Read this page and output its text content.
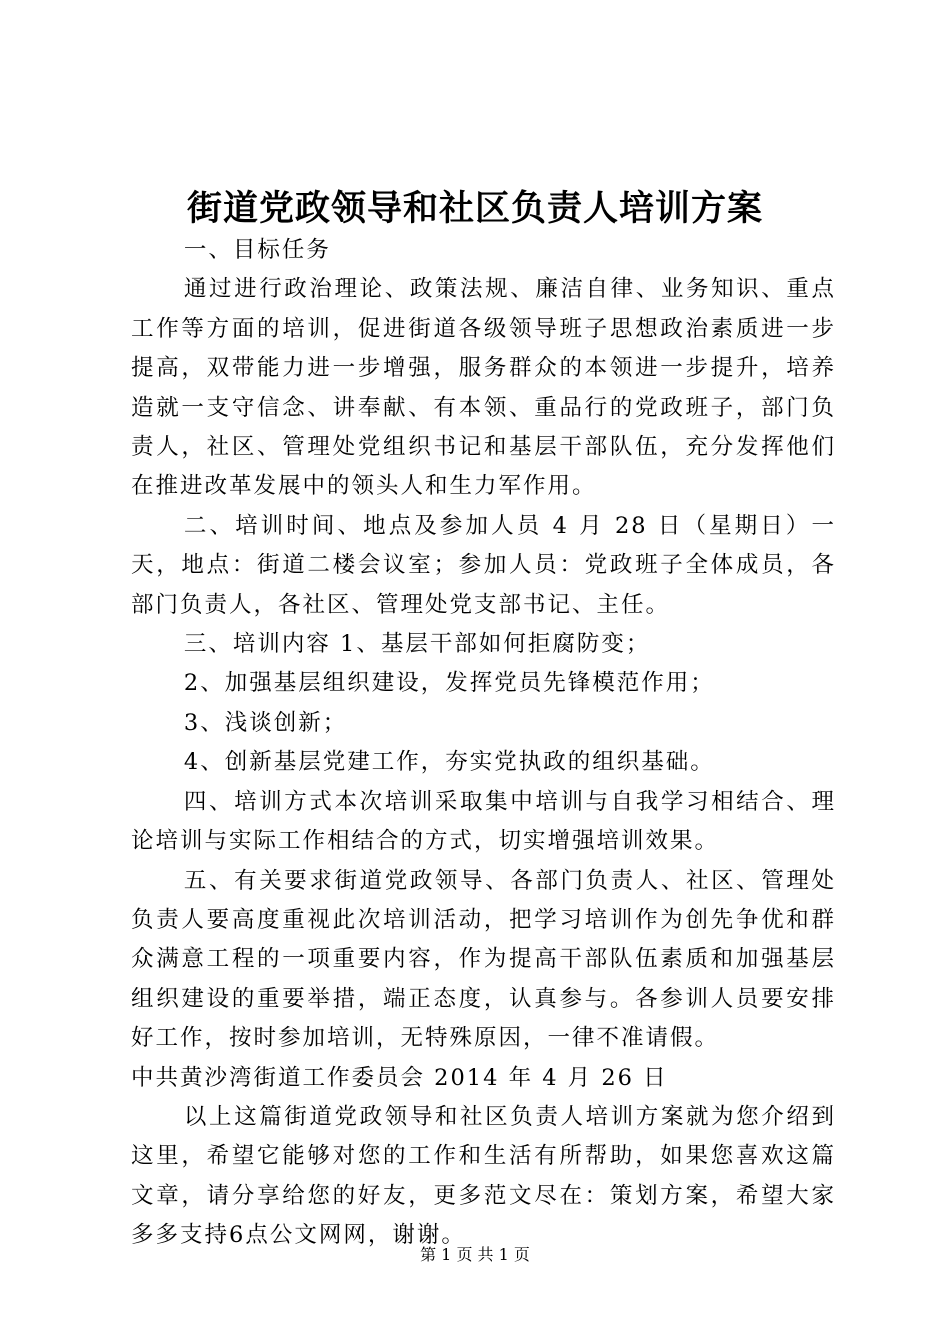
街道党政领导和社区负责人培训方案

一、目标任务

通过进行政治理论、政策法规、廉洁自律、业务知识、重点工作等方面的培训，促进街道各级领导班子思想政治素质进一步提高，双带能力进一步增强，服务群众的本领进一步提升，培养造就一支守信念、讲奉献、有本领、重品行的党政班子，部门负责人，社区、管理处党组织书记和基层干部队伍，充分发挥他们在推进改革发展中的领头人和生力军作用。

二、培训时间、地点及参加人员 4 月 28 日（星期日）一天，地点：街道二楼会议室；参加人员：党政班子全体成员，各部门负责人，各社区、管理处党支部书记、主任。

三、培训内容 1、基层干部如何拒腐防变；

2、加强基层组织建设，发挥党员先锋模范作用；

3、浅谈创新；

4、创新基层党建工作，夯实党执政的组织基础。

四、培训方式本次培训采取集中培训与自我学习相结合、理论培训与实际工作相结合的方式，切实增强培训效果。

五、有关要求街道党政领导、各部门负责人、社区、管理处负责人要高度重视此次培训活动，把学习培训作为创先争优和群众满意工程的一项重要内容，作为提高干部队伍素质和加强基层组织建设的重要举措，端正态度，认真参与。各参训人员要安排好工作，按时参加培训，无特殊原因，一律不准请假。

中共黄沙湾街道工作委员会 2014 年 4 月 26 日

以上这篇街道党政领导和社区负责人培训方案就为您介绍到这里，希望它能够对您的工作和生活有所帮助，如果您喜欢这篇文章，请分享给您的好友，更多范文尽在：策划方案，希望大家多多支持6点公文网网，谢谢。

第 1 页 共 1 页
